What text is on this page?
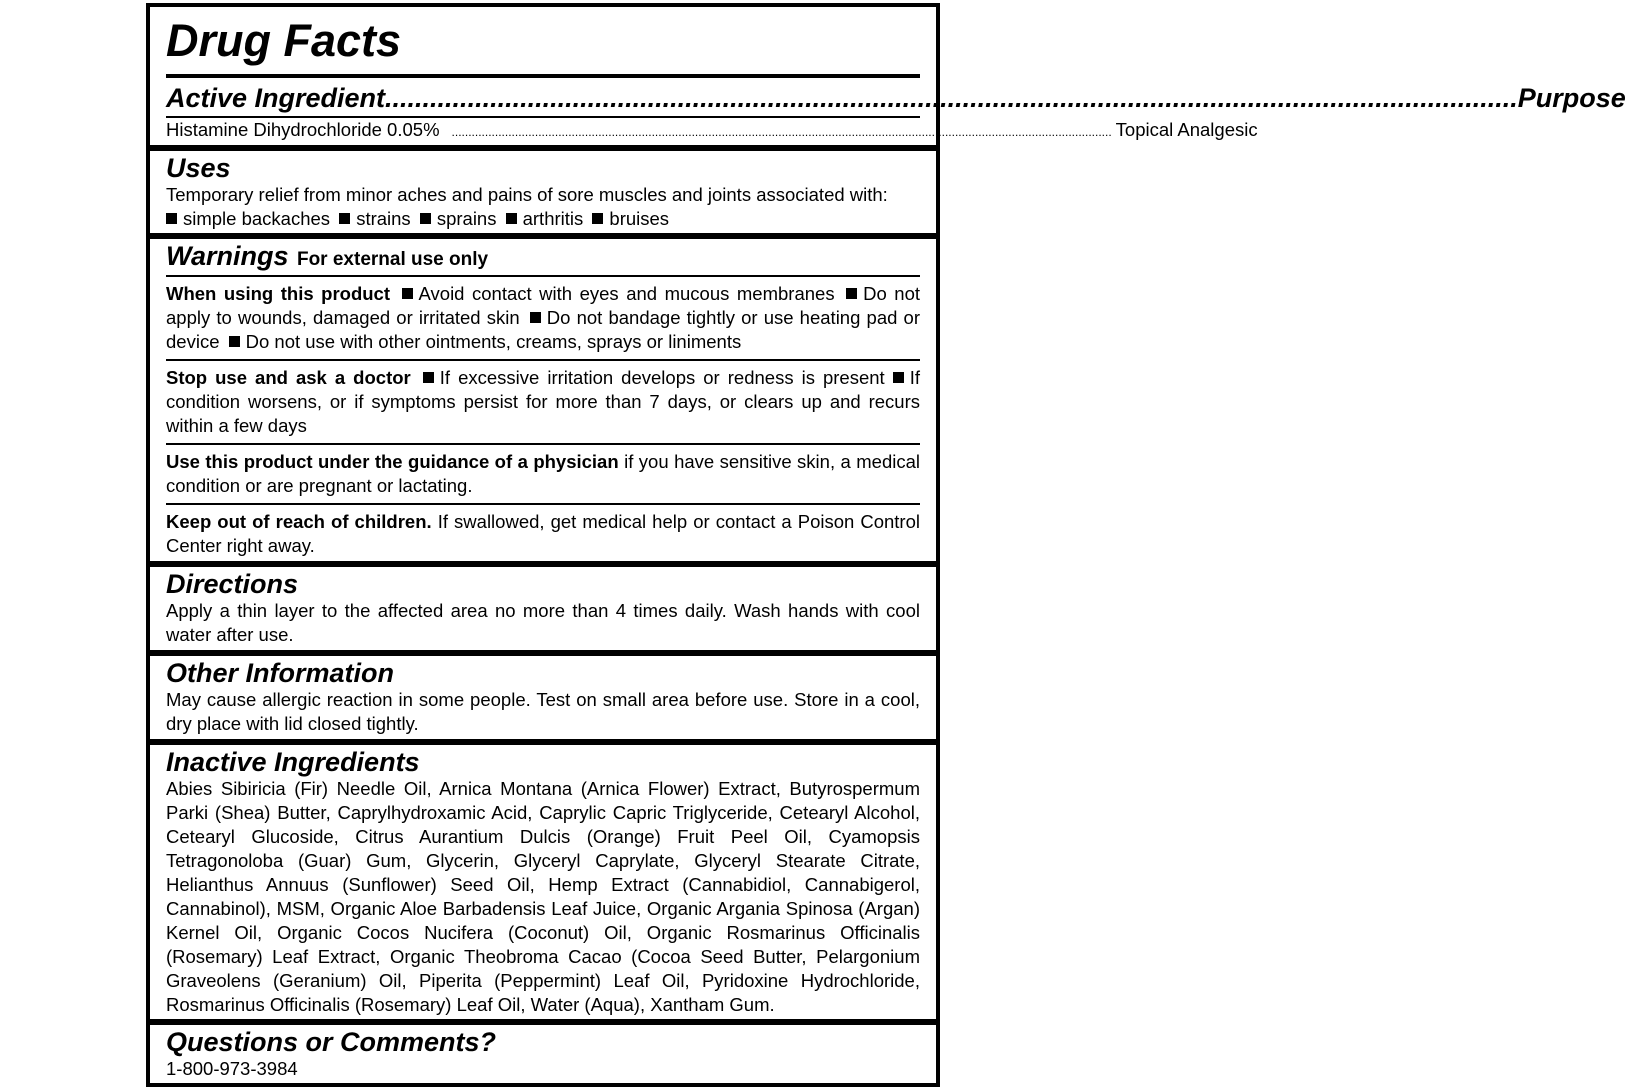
Drug Facts
Active Ingredient ....................................................................................................................................................... Purpose
Histamine Dihydrochloride 0.05%	...................................................................................................................................................................................................... Topical Analgesic
Uses
Temporary relief from minor aches and pains of sore muscles and joints associated with:
simple backaches strains sprains arthritis bruises
Warnings For external use only
When using this product Avoid contact with eyes and mucous membranes Do not apply to wounds, damaged or irritated skin Do not bandage tightly or use heating pad or device Do not use with other ointments, creams, sprays or liniments
Stop use and ask a doctor If excessive irritation develops or redness is present If condition worsens, or if symptoms persist for more than 7 days, or clears up and recurs within a few days
Use this product under the guidance of a physician if you have sensitive skin, a medical condition or are pregnant or lactating.
Keep out of reach of children. If swallowed, get medical help or contact a Poison Control Center right away.
Directions
Apply a thin layer to the affected area no more than 4 times daily. Wash hands with cool water after use.
Other Information
May cause allergic reaction in some people. Test on small area before use. Store in a cool, dry place with lid closed tightly.
Inactive Ingredients
Abies Sibiricia (Fir) Needle Oil, Arnica Montana (Arnica Flower) Extract, Butyrospermum Parki (Shea) Butter, Caprylhydroxamic Acid, Caprylic Capric Triglyceride, Cetearyl Alcohol, Cetearyl Glucoside, Citrus Aurantium Dulcis (Orange) Fruit Peel Oil, Cyamopsis Tetragonoloba (Guar) Gum, Glycerin, Glyceryl Caprylate, Glyceryl Stearate Citrate, Helianthus Annuus (Sunflower) Seed Oil, Hemp Extract (Cannabidiol, Cannabigerol, Cannabinol), MSM, Organic Aloe Barbadensis Leaf Juice, Organic Argania Spinosa (Argan) Kernel Oil, Organic Cocos Nucifera (Coconut) Oil, Organic Rosmarinus Officinalis (Rosemary) Leaf Extract, Organic Theobroma Cacao (Cocoa Seed Butter, Pelargonium Graveolens (Geranium) Oil, Piperita (Peppermint) Leaf Oil, Pyridoxine Hydrochloride, Rosmarinus Officinalis (Rosemary) Leaf Oil, Water (Aqua), Xantham Gum.
Questions or Comments?
1-800-973-3984
